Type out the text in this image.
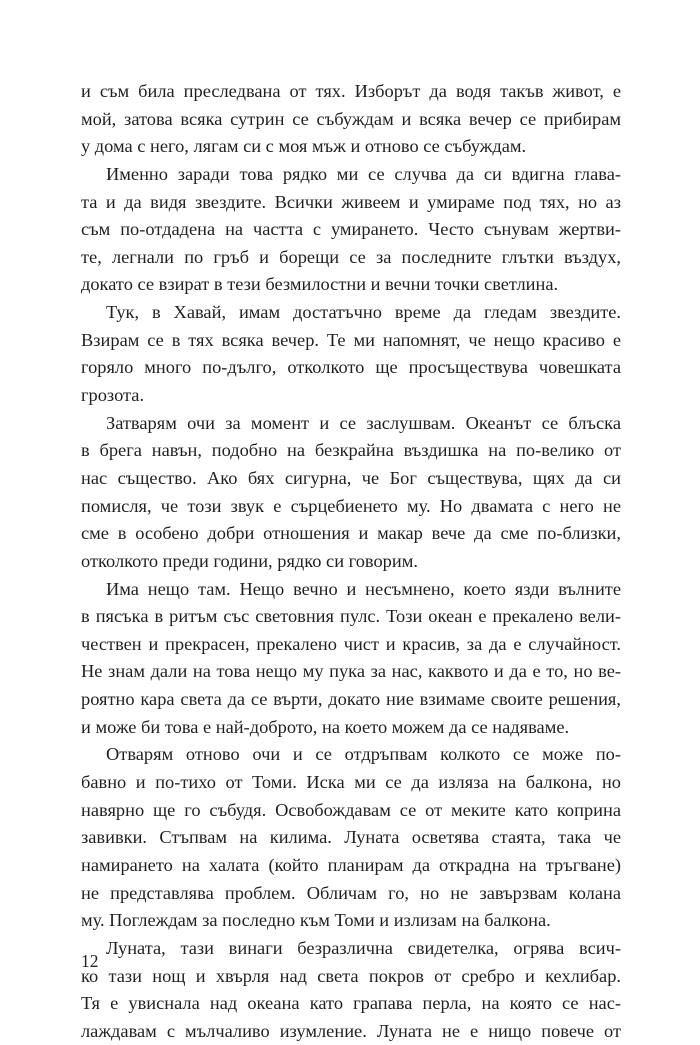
и съм била преследвана от тях. Изборът да водя такъв живот, е
мой, затова всяка сутрин се събуждам и всяка вечер се прибирам
у дома с него, лягам си с моя мъж и отново се събуждам.
Именно заради това рядко ми се случва да си вдигна глава-
та и да видя звездите. Всички живеем и умираме под тях, но аз
съм по-отдадена на частта с умирането. Често сънувам жертви-
те, легнали по гръб и борещи се за последните глътки въздух,
докато се взират в тези безмилостни и вечни точки светлина.
Тук, в Хавай, имам достатъчно време да гледам звездите.
Взирам се в тях всяка вечер. Те ми напомнят, че нещо красиво е
горяло много по-дълго, отколкото ще просъществува човешката
грозота.
Затварям очи за момент и се заслушвам. Океанът се блъска
в брега навън, подобно на безкрайна въздишка на по-велико от
нас същество. Ако бях сигурна, че Бог съществува, щях да си
помисля, че този звук е сърцебиенето му. Но двамата с него не
сме в особено добри отношения и макар вече да сме по-близки,
отколкото преди години, рядко си говорим.
Има нещо там. Нещо вечно и несъмнено, което язди вълните
в пясъка в ритъм със световния пулс. Този океан е прекалено вели-
чествен и прекрасен, прекалено чист и красив, за да е случайност.
Не знам дали на това нещо му пука за нас, каквото и да е то, но ве-
роятно кара света да се върти, докато ние взимаме своите решения,
и може би това е най-доброто, на което можем да се надяваме.
Отварям отново очи и се отдръпвам колкото се може по-
бавно и по-тихо от Томи. Иска ми се да изляза на балкона, но
навярно ще го събудя. Освобождавам се от меките като коприна
завивки. Стъпвам на килима. Луната осветява стаята, така че
намирането на халата (който планирам да открадна на тръгване)
не представлява проблем. Обличам го, но не завързвам колана
му. Поглеждам за последно към Томи и излизам на балкона.
Луната, тази винаги безразлична свидетелка, огрява всич-
ко тази нощ и хвърля над света покров от сребро и кехлибар.
Тя е увиснала над океана като грапава перла, на която се нас-
лаждавам с мълчаливо изумление. Луната не е нищо повече от
12
